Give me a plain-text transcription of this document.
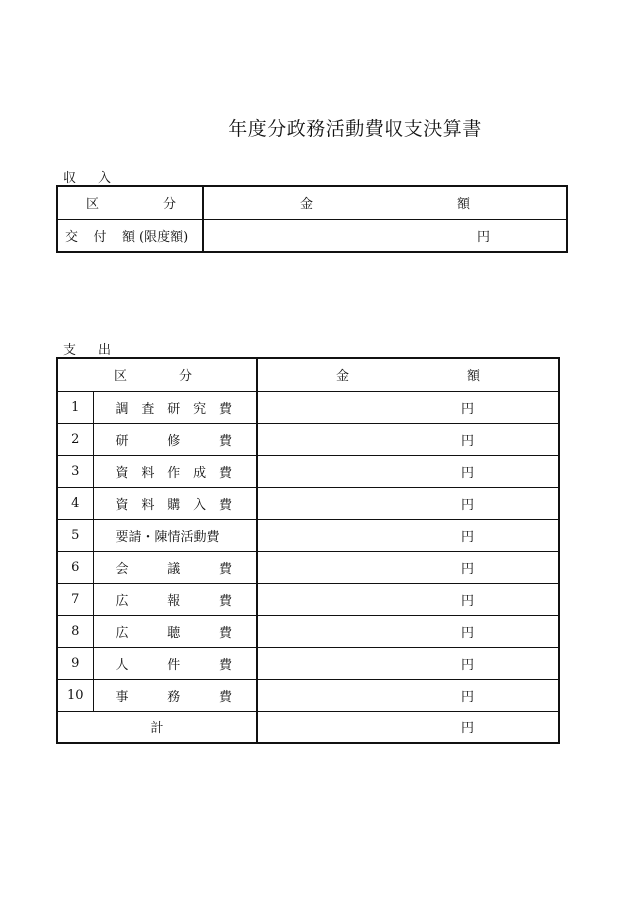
年度分政務活動費収支決算書
収入
区 分	金 額

交 付 額 (限度額)	円
支出
区 分		金 額

1	調 査 研 究 費	円
2	研 修 費	円
3	資 料 作 成 費	円
4	資 料 購 入 費	円
5	要請・陳情活動費	円
6	会 議 費	円
7	広 報 費	円
8	広 聴 費	円
9	人 件 費	円
10	事 務 費	円
計		円
